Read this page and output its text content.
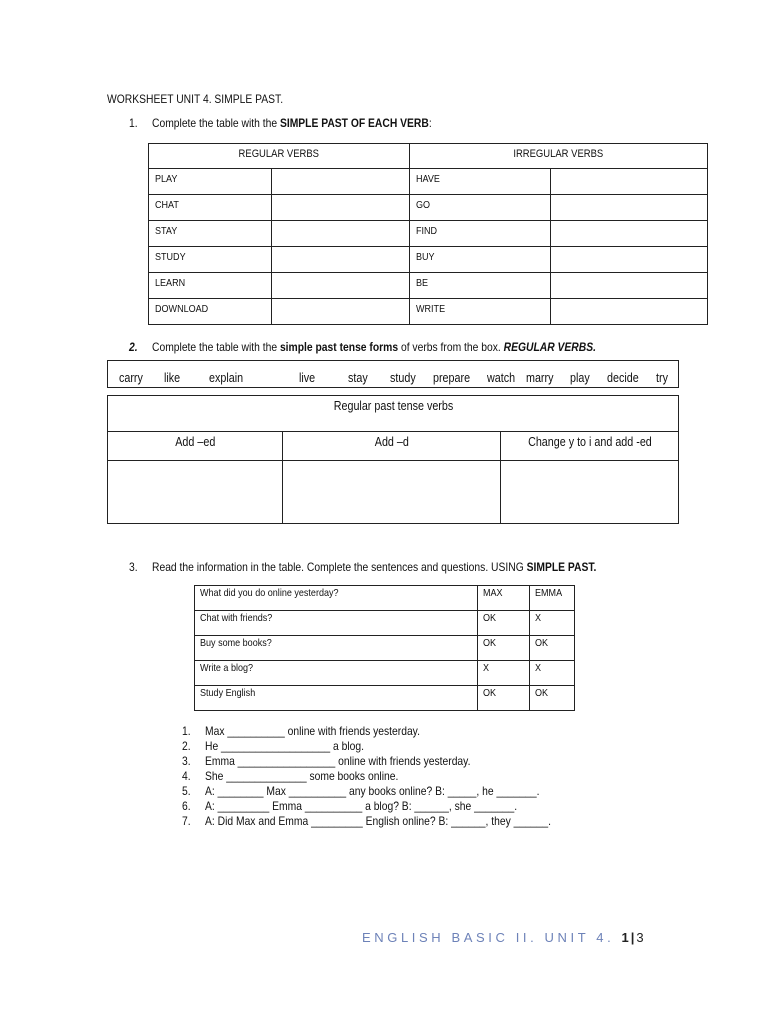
WORKSHEET UNIT 4. SIMPLE PAST.
1. Complete the table with the SIMPLE PAST OF EACH VERB:
REGULAR VERBS		IRREGULAR VERBS	

PLAY		HAVE	

CHAT		GO	

STAY		FIND	

STUDY		BUY	

LEARN		BE	

DOWNLOAD		WRITE	

2. Complete the table with the simple past tense forms of verbs from the box. REGULAR VERBS.
carry like explain	live	stay study prepare watch marry play decide try
Regular past tense verbs		
Add –ed	Add –d	Change y to i and add -ed

3. Read the information in the table. Complete the sentences and questions. USING SIMPLE PAST.
What did you do online yesterday?	MAX	EMMA
Chat with friends?	OK	X
Buy some books?	OK	OK
Write a blog?	X	X
Study English	OK	OK
1. Max __________ online with friends yesterday.
2. He ___________________ a blog.
3. Emma _________________ online with friends yesterday.
4. She ______________ some books online.
5. A: ________ Max __________ any books online? B: _____, he _______.
6. A: _________ Emma __________ a blog? B: ______, she _______.
7. A: Did Max and Emma _________ English online? B: ______, they ______.
ENGLISH BASIC II. UNIT 4. 1|3
